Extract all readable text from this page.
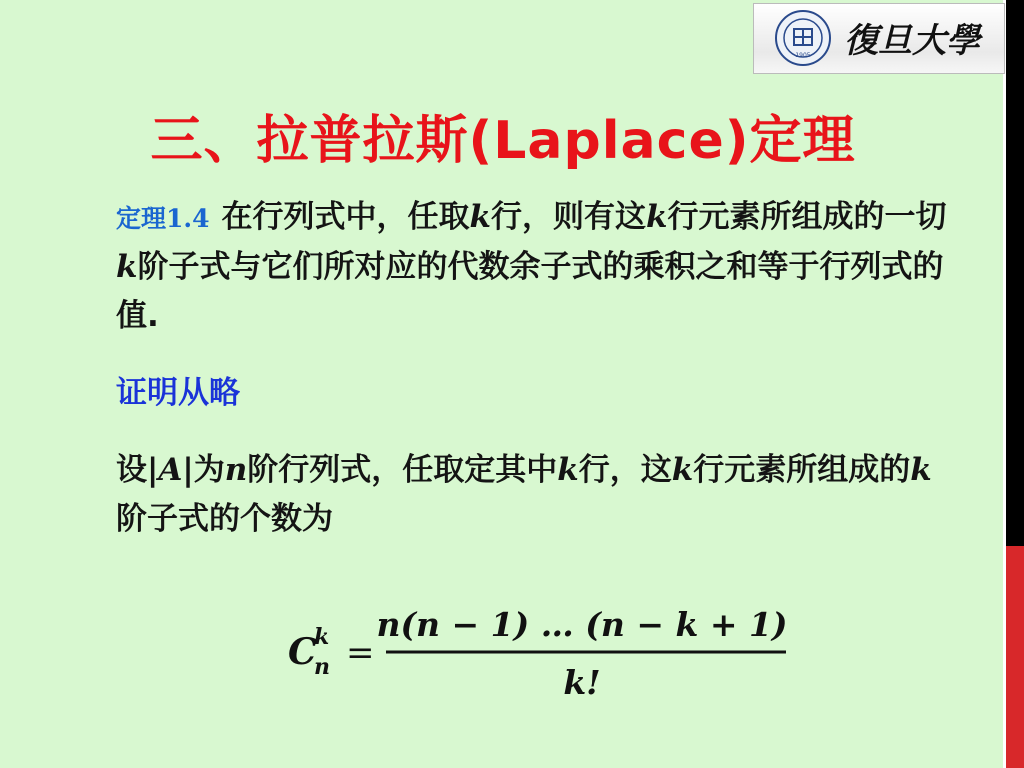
1905 復旦大學
三、拉普拉斯(Laplace)定理
定理1.4 在行列式中，任取k行，则有这k行元素所组成的一切k阶子式与它们所对应的代数余子式的乘积之和等于行列式的值.
证明从略
设|A|为n阶行列式，任取定其中k行，这k行元素所组成的k阶子式的个数为
C
k
n =
n(n − 1) … (n − k + 1)
k!
